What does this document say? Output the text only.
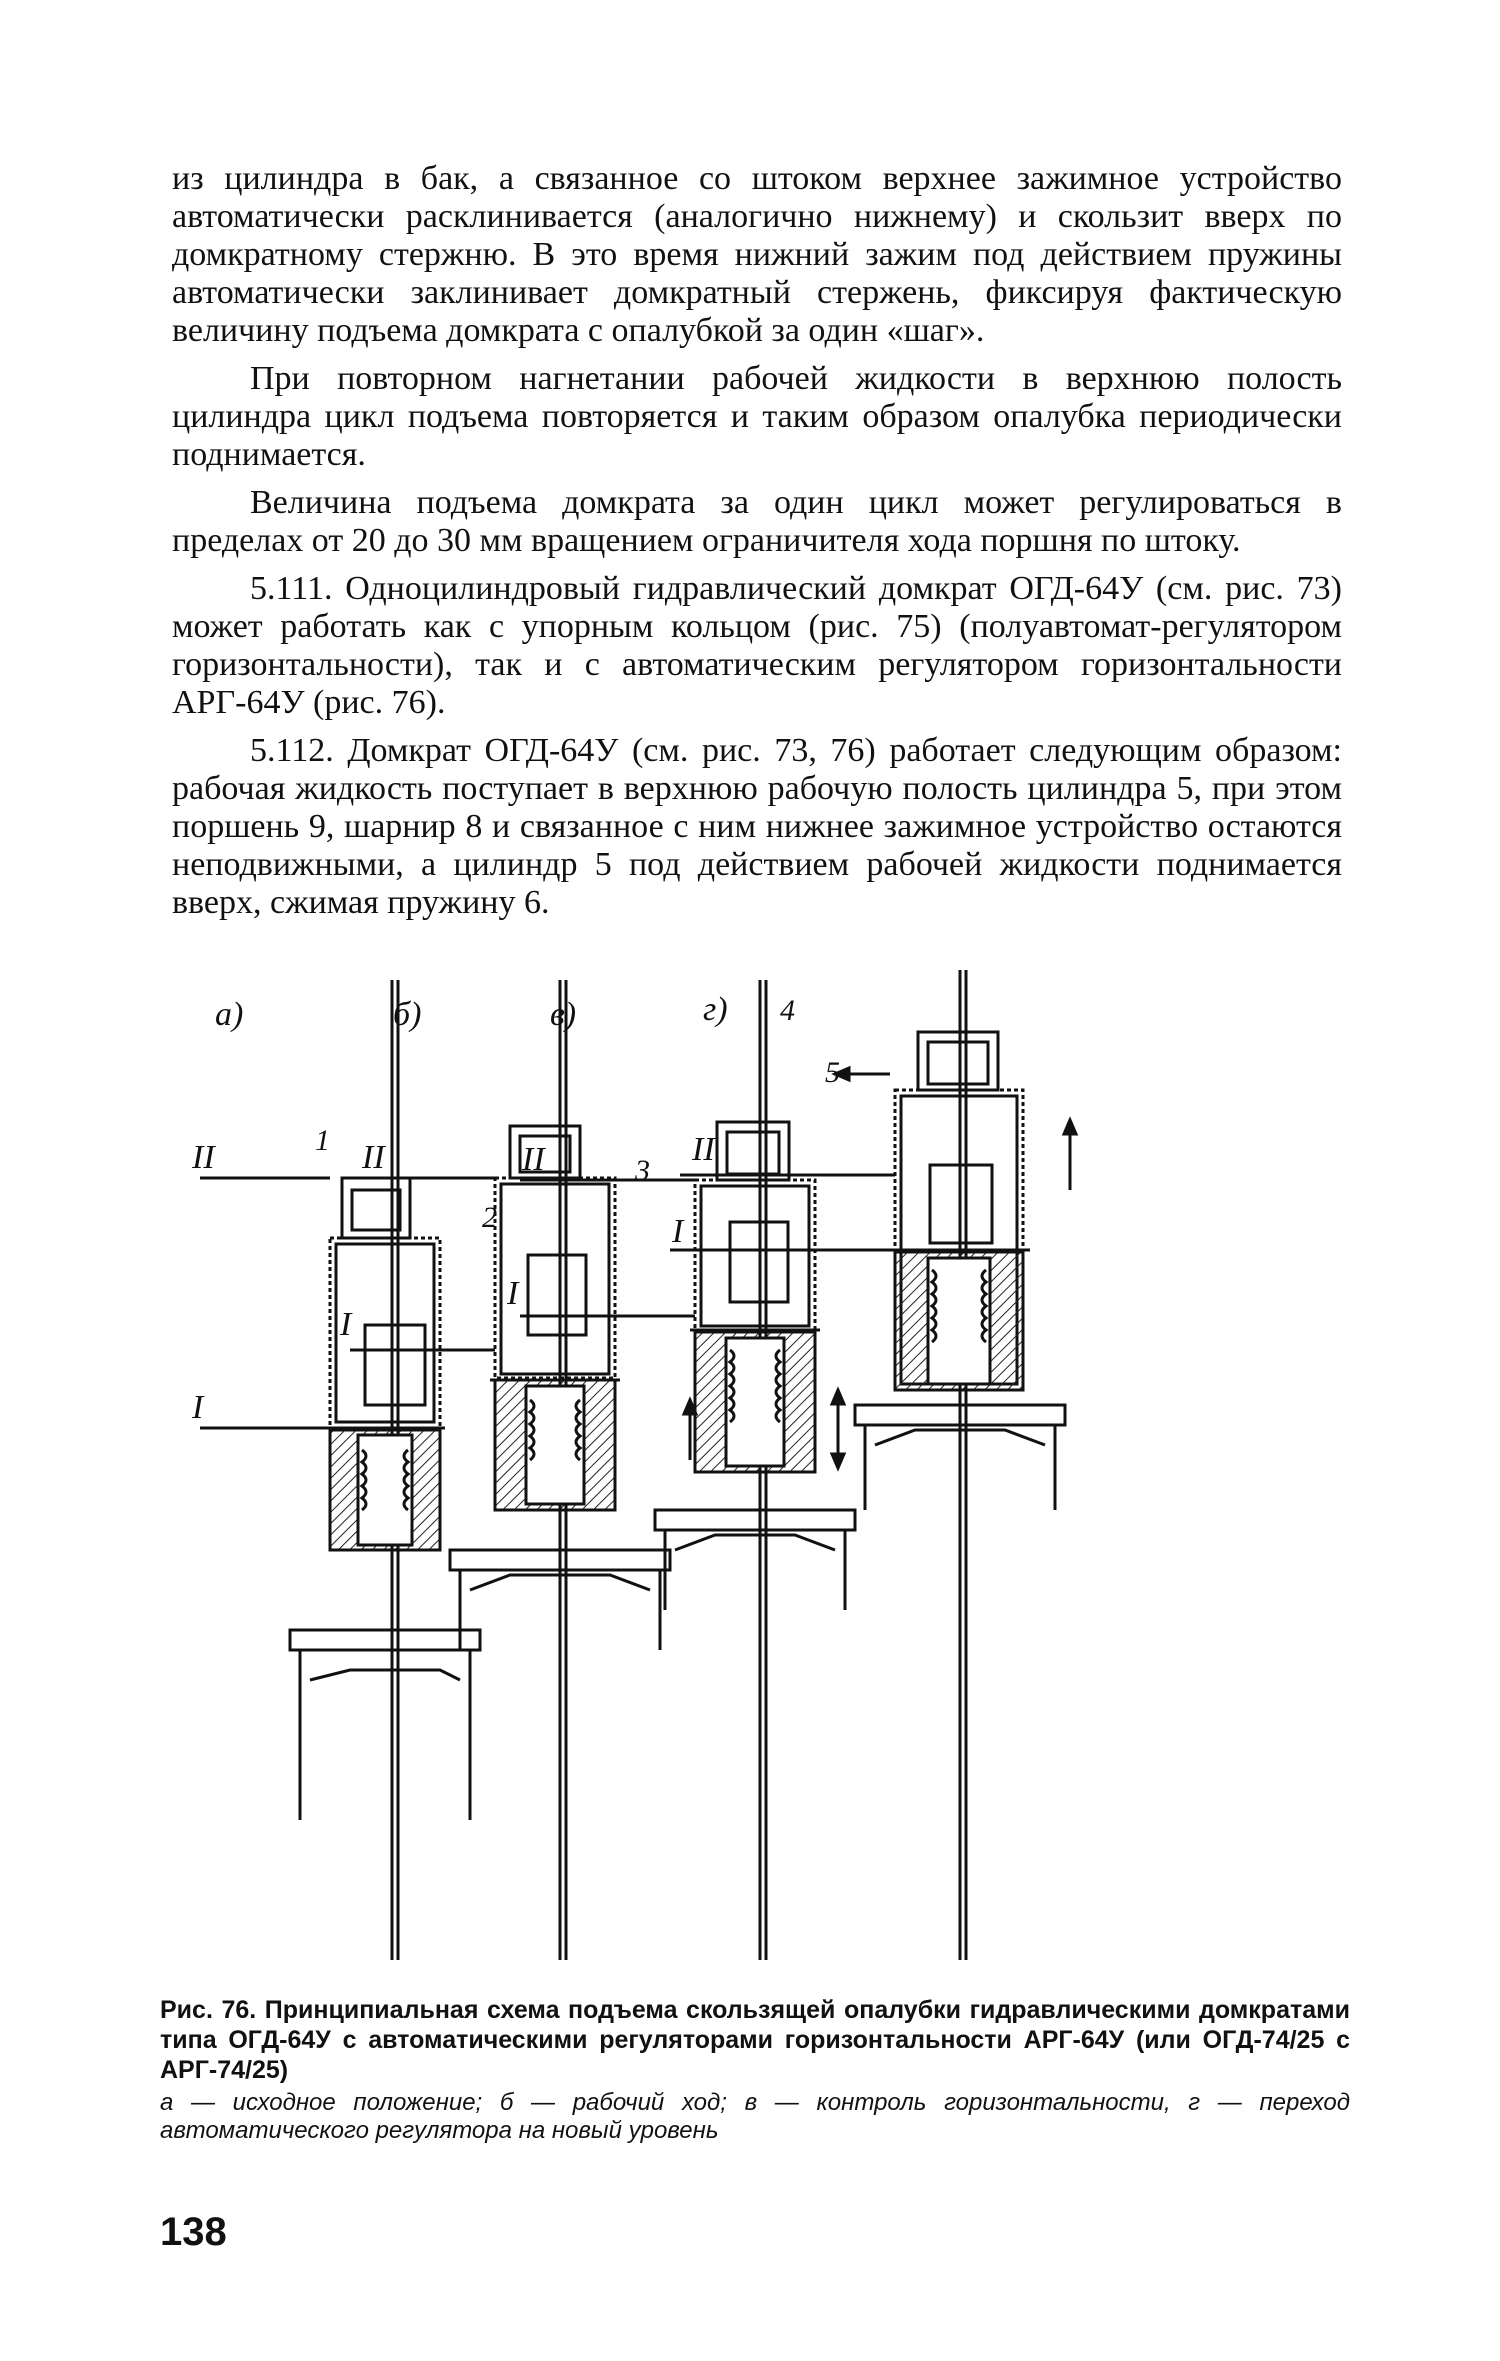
из цилиндра в бак, а связанное со штоком верхнее зажимное устройство автоматически расклинивается (аналогично нижнему) и скользит вверх по домкратному стержню. В это время нижний зажим под действием пружины автоматически заклинивает домкратный стержень, фиксируя фактическую величину подъема домкрата с опалубкой за один «шаг».

При повторном нагнетании рабочей жидкости в верхнюю полость цилиндра цикл подъема повторяется и таким образом опалубка периодически поднимается.

Величина подъема домкрата за один цикл может регулироваться в пределах от 20 до 30 мм вращением ограничителя хода поршня по штоку.

5.111. Одноцилиндровый гидравлический домкрат ОГД-64У (см. рис. 73) может работать как с упорным кольцом (рис. 75) (полуавтомат-регулятором горизонтальности), так и с автоматическим регулятором горизонтальности АРГ-64У (рис. 76).

5.112. Домкрат ОГД-64У (см. рис. 73, 76) работает следующим образом: рабочая жидкость поступает в верхнюю рабочую полость цилиндра 5, при этом поршень 9, шарнир 8 и связанное с ним нижнее зажимное устройство остаются неподвижными, а цилиндр 5 под действием рабочей жидкости поднимается вверх, сжимая пружину 6.

а)	б)	в)	г)
II
I
II
I
II
I
II
I
1
2
3
4
5

Рис. 76. Принципиальная схема подъема скользящей опалубки гидравлическими домкратами типа ОГД-64У с автоматическими регуляторами горизонтальности АРГ-64У (или ОГД-74/25 с АРГ-74/25)

а — исходное положение; б — рабочий ход; в — контроль горизонтальности, г — переход автоматического регулятора на новый уровень

138
